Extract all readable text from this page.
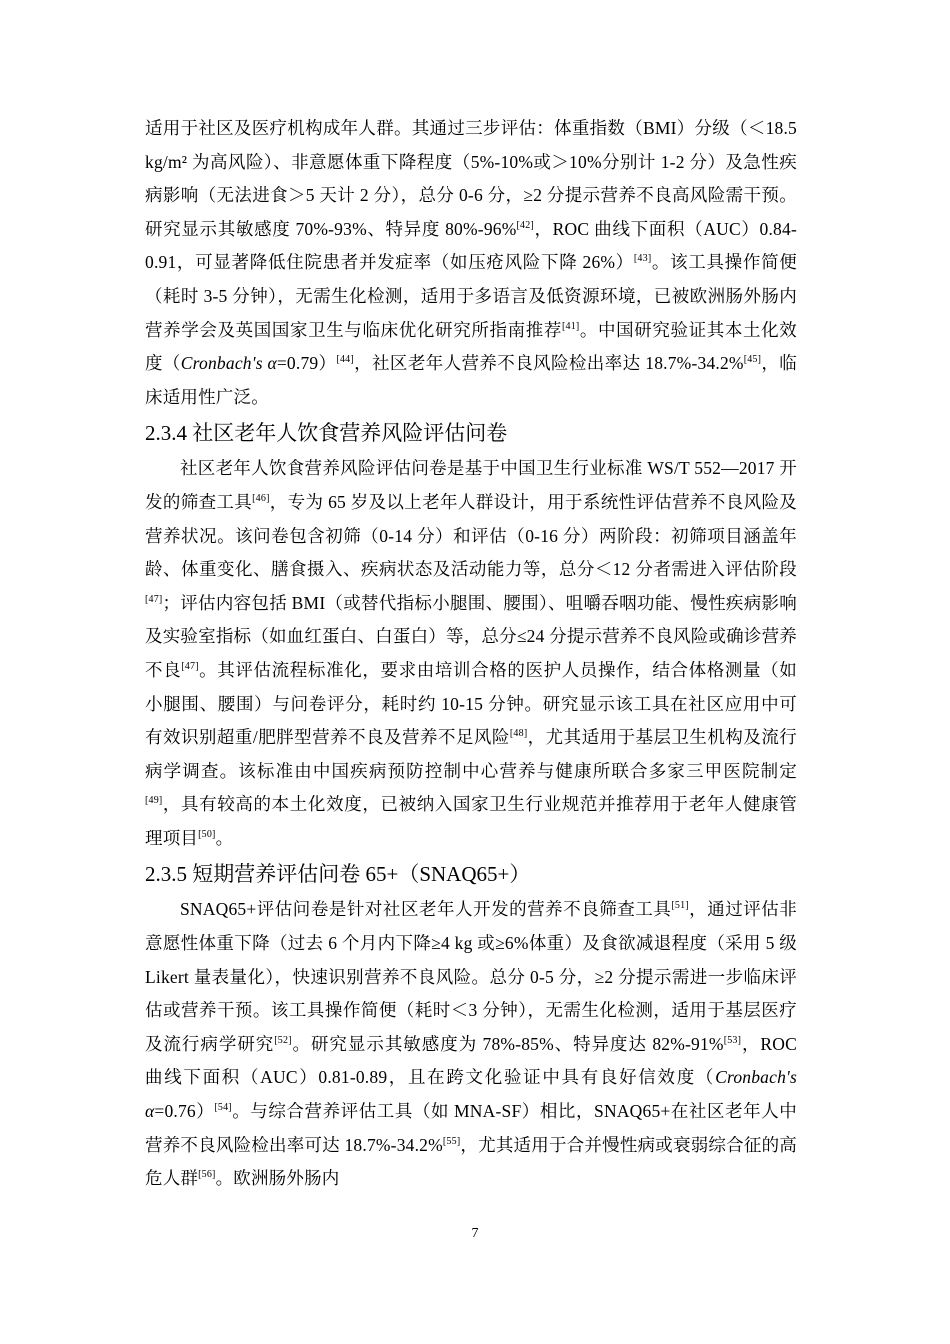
适用于社区及医疗机构成年人群。其通过三步评估：体重指数（BMI）分级（＜18.5 kg/m² 为高风险）、非意愿体重下降程度（5%-10%或＞10%分别计 1-2 分）及急性疾病影响（无法进食＞5 天计 2 分），总分 0-6 分，≥2 分提示营养不良高风险需干预。研究显示其敏感度 70%-93%、特异度 80%-96%[42]，ROC 曲线下面积（AUC）0.84-0.91，可显著降低住院患者并发症率（如压疮风险下降 26%）[43]。该工具操作简便（耗时 3-5 分钟），无需生化检测，适用于多语言及低资源环境，已被欧洲肠外肠内营养学会及英国国家卫生与临床优化研究所指南推荐[41]。中国研究验证其本土化效度（Cronbach's α=0.79）[44]，社区老年人营养不良风险检出率达 18.7%-34.2%[45]，临床适用性广泛。

2.3.4 社区老年人饮食营养风险评估问卷

社区老年人饮食营养风险评估问卷是基于中国卫生行业标准 WS/T 552—2017 开发的筛查工具[46]，专为 65 岁及以上老年人群设计，用于系统性评估营养不良风险及营养状况。该问卷包含初筛（0-14 分）和评估（0-16 分）两阶段：初筛项目涵盖年龄、体重变化、膳食摄入、疾病状态及活动能力等，总分＜12 分者需进入评估阶段[47]；评估内容包括 BMI（或替代指标小腿围、腰围）、咀嚼吞咽功能、慢性疾病影响及实验室指标（如血红蛋白、白蛋白）等，总分≤24 分提示营养不良风险或确诊营养不良[47]。其评估流程标准化，要求由培训合格的医护人员操作，结合体格测量（如小腿围、腰围）与问卷评分，耗时约 10-15 分钟。研究显示该工具在社区应用中可有效识别超重/肥胖型营养不良及营养不足风险[48]，尤其适用于基层卫生机构及流行病学调查。该标准由中国疾病预防控制中心营养与健康所联合多家三甲医院制定[49]，具有较高的本土化效度，已被纳入国家卫生行业规范并推荐用于老年人健康管理项目[50]。

2.3.5 短期营养评估问卷 65+（SNAQ65+）

SNAQ65+评估问卷是针对社区老年人开发的营养不良筛查工具[51]，通过评估非意愿性体重下降（过去 6 个月内下降≥4 kg 或≥6%体重）及食欲减退程度（采用 5 级 Likert 量表量化），快速识别营养不良风险。总分 0-5 分，≥2 分提示需进一步临床评估或营养干预。该工具操作简便（耗时＜3 分钟），无需生化检测，适用于基层医疗及流行病学研究[52]。研究显示其敏感度为 78%-85%、特异度达 82%-91%[53]，ROC 曲线下面积（AUC）0.81-0.89，且在跨文化验证中具有良好信效度（Cronbach's α=0.76）[54]。与综合营养评估工具（如 MNA-SF）相比，SNAQ65+在社区老年人中营养不良风险检出率可达 18.7%-34.2%[55]，尤其适用于合并慢性病或衰弱综合征的高危人群[56]。欧洲肠外肠内

7
